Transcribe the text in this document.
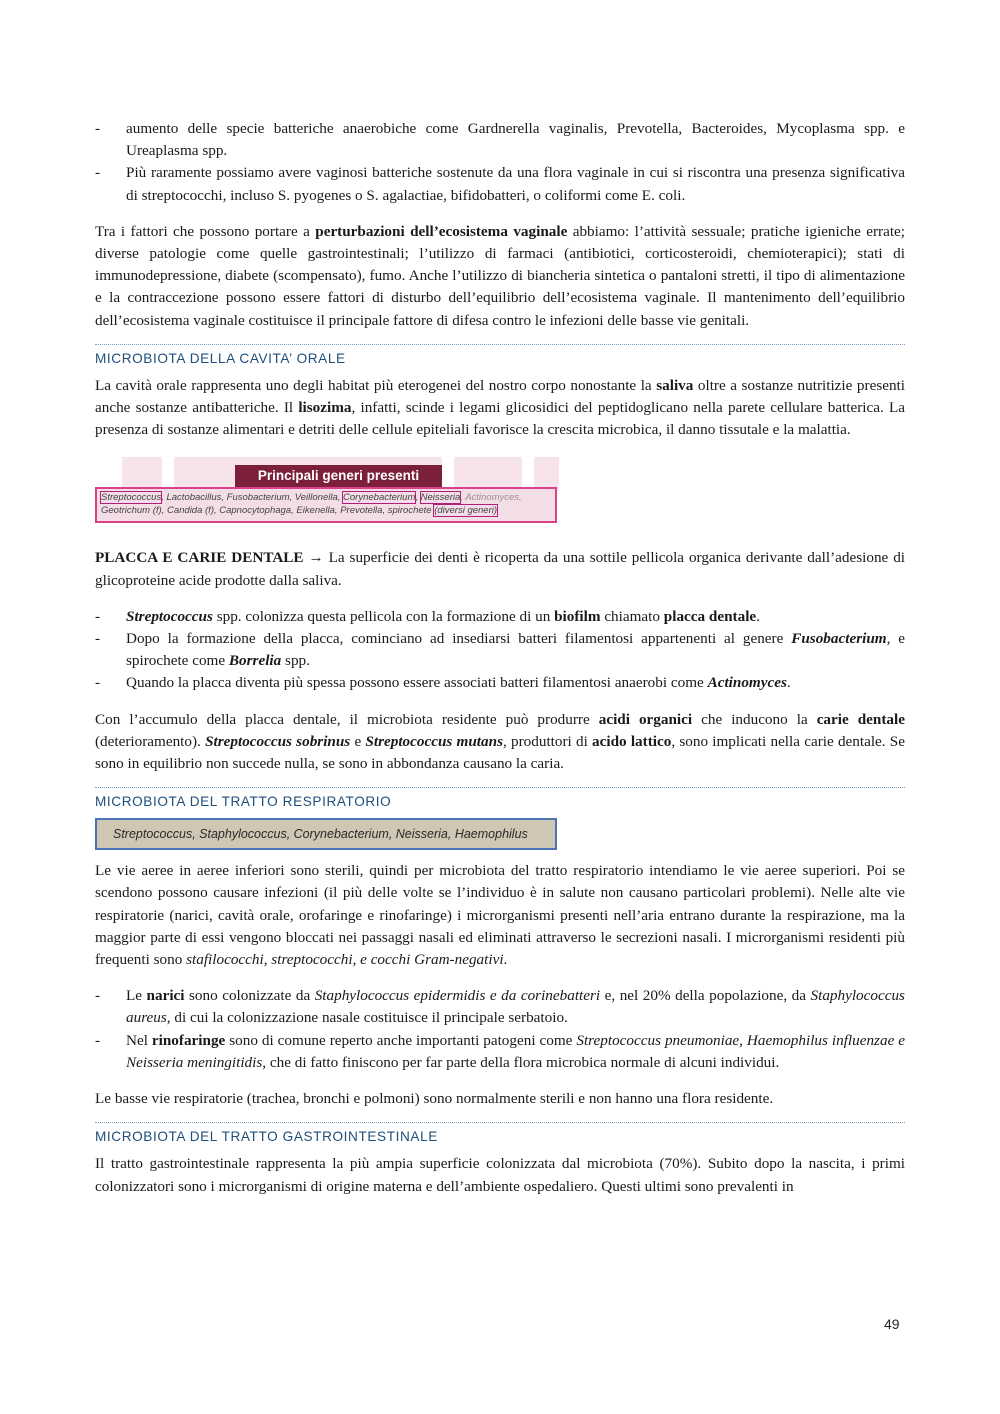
- aumento delle specie batteriche anaerobiche come Gardnerella vaginalis, Prevotella, Bacteroides, Mycoplasma spp. e Ureaplasma spp.
- Più raramente possiamo avere vaginosi batteriche sostenute da una flora vaginale in cui si riscontra una presenza significativa di streptococchi, incluso S. pyogenes o S. agalactiae, bifidobatteri, o coliformi come E. coli.

Tra i fattori che possono portare a perturbazioni dell’ecosistema vaginale abbiamo: l’attività sessuale; pratiche igieniche errate; diverse patologie come quelle gastrointestinali; l’utilizzo di farmaci (antibiotici, corticosteroidi, chemioterapici); stati di immunodepressione, diabete (scompensato), fumo. Anche l’utilizzo di biancheria sintetica o pantaloni stretti, il tipo di alimentazione e la contraccezione possono essere fattori di disturbo dell’equilibrio dell’ecosistema vaginale. Il mantenimento dell’equilibrio dell’ecosistema vaginale costituisce il principale fattore di difesa contro le infezioni delle basse vie genitali.

MICROBIOTA DELLA CAVITA’ ORALE

La cavità orale rappresenta uno degli habitat più eterogenei del nostro corpo nonostante la saliva oltre a sostanze nutritizie presenti anche sostanze antibatteriche. Il lisozima, infatti, scinde i legami glicosidici del peptidoglicano nella parete cellulare batterica. La presenza di sostanze alimentari e detriti delle cellule epiteliali favorisce la crescita microbica, il danno tissutale e la malattia.

Principali generi presenti
Streptococcus, Lactobacillus, Fusobacterium, Veillonella, Corynebacterium, Neisseria, Actinomyces,
Geotrichum (f), Candida (f), Capnocytophaga, Eikenella, Prevotella, spirochete (diversi generi)

PLACCA E CARIE DENTALE → La superficie dei denti è ricoperta da una sottile pellicola organica derivante dall’adesione di glicoproteine acide prodotte dalla saliva.

- Streptococcus spp. colonizza questa pellicola con la formazione di un biofilm chiamato placca dentale.
- Dopo la formazione della placca, cominciano ad insediarsi batteri filamentosi appartenenti al genere Fusobacterium, e spirochete come Borrelia spp.
- Quando la placca diventa più spessa possono essere associati batteri filamentosi anaerobi come Actinomyces.

Con l’accumulo della placca dentale, il microbiota residente può produrre acidi organici che inducono la carie dentale (deterioramento). Streptococcus sobrinus e Streptococcus mutans, produttori di acido lattico, sono implicati nella carie dentale. Se sono in equilibrio non succede nulla, se sono in abbondanza causano la caria.

MICROBIOTA DEL TRATTO RESPIRATORIO
Streptococcus, Staphylococcus, Corynebacterium, Neisseria, Haemophilus

Le vie aeree in aeree inferiori sono sterili, quindi per microbiota del tratto respiratorio intendiamo le vie aeree superiori. Poi se scendono possono causare infezioni (il più delle volte se l’individuo è in salute non causano particolari problemi). Nelle alte vie respiratorie (narici, cavità orale, orofaringe e rinofaringe) i microrganismi presenti nell’aria entrano durante la respirazione, ma la maggior parte di essi vengono bloccati nei passaggi nasali ed eliminati attraverso le secrezioni nasali. I microrganismi residenti più frequenti sono stafilococchi, streptococchi, e cocchi Gram-negativi.

- Le narici sono colonizzate da Staphylococcus epidermidis e da corinebatteri e, nel 20% della popolazione, da Staphylococcus aureus, di cui la colonizzazione nasale costituisce il principale serbatoio.
- Nel rinofaringe sono di comune reperto anche importanti patogeni come Streptococcus pneumoniae, Haemophilus influenzae e Neisseria meningitidis, che di fatto finiscono per far parte della flora microbica normale di alcuni individui.

Le basse vie respiratorie (trachea, bronchi e polmoni) sono normalmente sterili e non hanno una flora residente.

MICROBIOTA DEL TRATTO GASTROINTESTINALE

Il tratto gastrointestinale rappresenta la più ampia superficie colonizzata dal microbiota (70%). Subito dopo la nascita, i primi colonizzatori sono i microrganismi di origine materna e dell’ambiente ospedaliero. Questi ultimi sono prevalenti in

49
